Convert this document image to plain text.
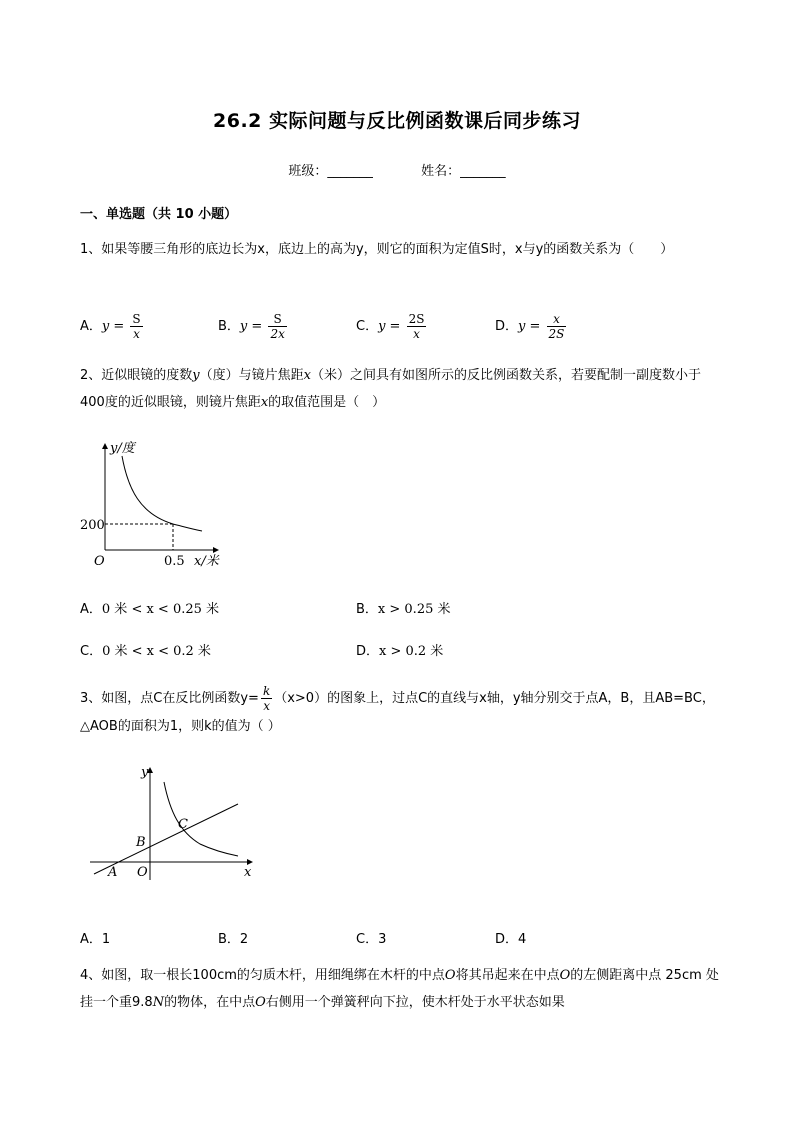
26.2 实际问题与反比例函数课后同步练习
班级：_______	姓名：_______
一、单选题（共 10 小题）
1、如果等腰三角形的底边长为x，底边上的高为y，则它的面积为定值S时，x与y的函数关系为（　　）
A．$y = \frac{S}{x}$	B．$y = \frac{S}{2x}$	C．$y = \frac{2S}{x}$	D．$y = \frac{x}{2S}$
2、近似眼镜的度数y（度）与镜片焦距x（米）之间具有如图所示的反比例函数关系，若要配制一副度数小于400度的近似眼镜，则镜片焦距x的取值范围是（　）
y/度
x/米
O
200
0.5
A．0 米 < x < 0.25 米	B．x > 0.25 米
C．0 米 < x < 0.2 米	D．x > 0.2 米
3、如图，点C在反比例函数$y= \frac{k}{x} (x>0)$的图象上，过点C的直线与x轴，y轴分别交于点A，B，且AB=BC，△AOB的面积为1，则k的值为（ ）
y
x
O
A
B
C
A．1	B．2	C．3	D．4
4、如图，取一根长100cm的匀质木杆，用细绳绑在木杆的中点O将其吊起来在中点O的左侧距离中点 25cm 处挂一个重9.8N的物体，在中点O右侧用一个弹簧秤向下拉，使木杆处于水平状态如果
